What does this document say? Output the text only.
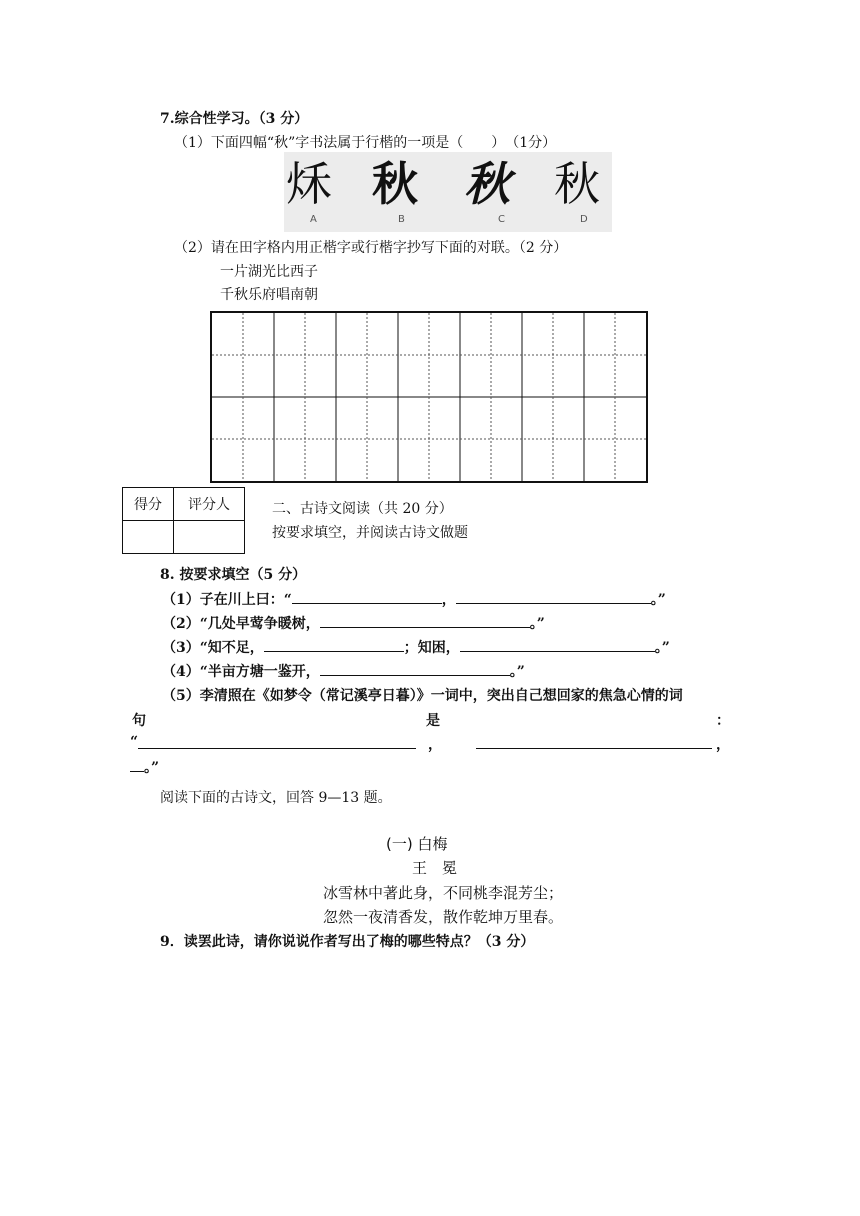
7.综合性学习。（3 分）
（1）下面四幅“秋”字书法属于行楷的一项是（　　）　（1分）
秌 秋 秋 秋
A	B	C	D
（2）请在田字格内用正楷字或行楷字抄写下面的对联。（2 分）
一片湖光比西子
千秋乐府唱南朝
得分	评分人
		二、古诗文阅读（共 20 分）
按要求填空，并阅读古诗文做题
8. 按要求填空（5 分）
（1）子在川上曰：“	，	。”
（2）“几处早莺争暖树，	。”
（3）“知不足，	；知困，	。”
（4）“半亩方塘一鉴开，	。”
（5）李清照在《如梦令（常记溪亭日暮）》一词中，突出自己想回家的焦急心情的词
句	是	：
“	，	，
。”
阅读下面的古诗文，回答 9—13 题。
(一) 白梅
王　冕
冰雪林中著此身，不同桃李混芳尘；
忽然一夜清香发，散作乾坤万里春。
9．读罢此诗，请你说说作者写出了梅的哪些特点？（3 分）
